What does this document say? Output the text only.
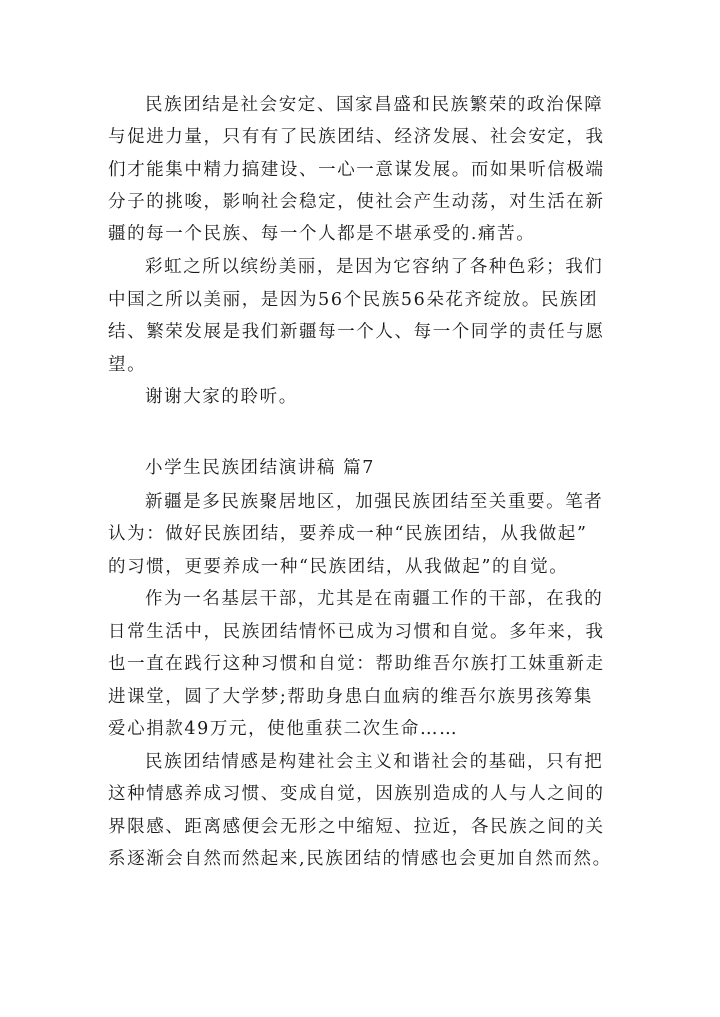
民族团结是社会安定、国家昌盛和民族繁荣的政治保障
与促进力量，只有有了民族团结、经济发展、社会安定，我
们才能集中精力搞建设、一心一意谋发展。而如果听信极端
分子的挑唆，影响社会稳定，使社会产生动荡，对生活在新
疆的每一个民族、每一个人都是不堪承受的.痛苦。
彩虹之所以缤纷美丽，是因为它容纳了各种色彩；我们
中国之所以美丽，是因为56个民族56朵花齐绽放。民族团
结、繁荣发展是我们新疆每一个人、每一个同学的责任与愿
望。
谢谢大家的聆听。
小学生民族团结演讲稿 篇7
新疆是多民族聚居地区，加强民族团结至关重要。笔者
认为：做好民族团结，要养成一种“民族团结，从我做起”
的习惯，更要养成一种“民族团结，从我做起”的自觉。
作为一名基层干部，尤其是在南疆工作的干部，在我的
日常生活中，民族团结情怀已成为习惯和自觉。多年来，我
也一直在践行这种习惯和自觉：帮助维吾尔族打工妹重新走
进课堂，圆了大学梦;帮助身患白血病的维吾尔族男孩筹集
爱心捐款49万元，使他重获二次生命……
民族团结情感是构建社会主义和谐社会的基础，只有把
这种情感养成习惯、变成自觉，因族别造成的人与人之间的
界限感、距离感便会无形之中缩短、拉近，各民族之间的关
系逐渐会自然而然起来,民族团结的情感也会更加自然而然。
